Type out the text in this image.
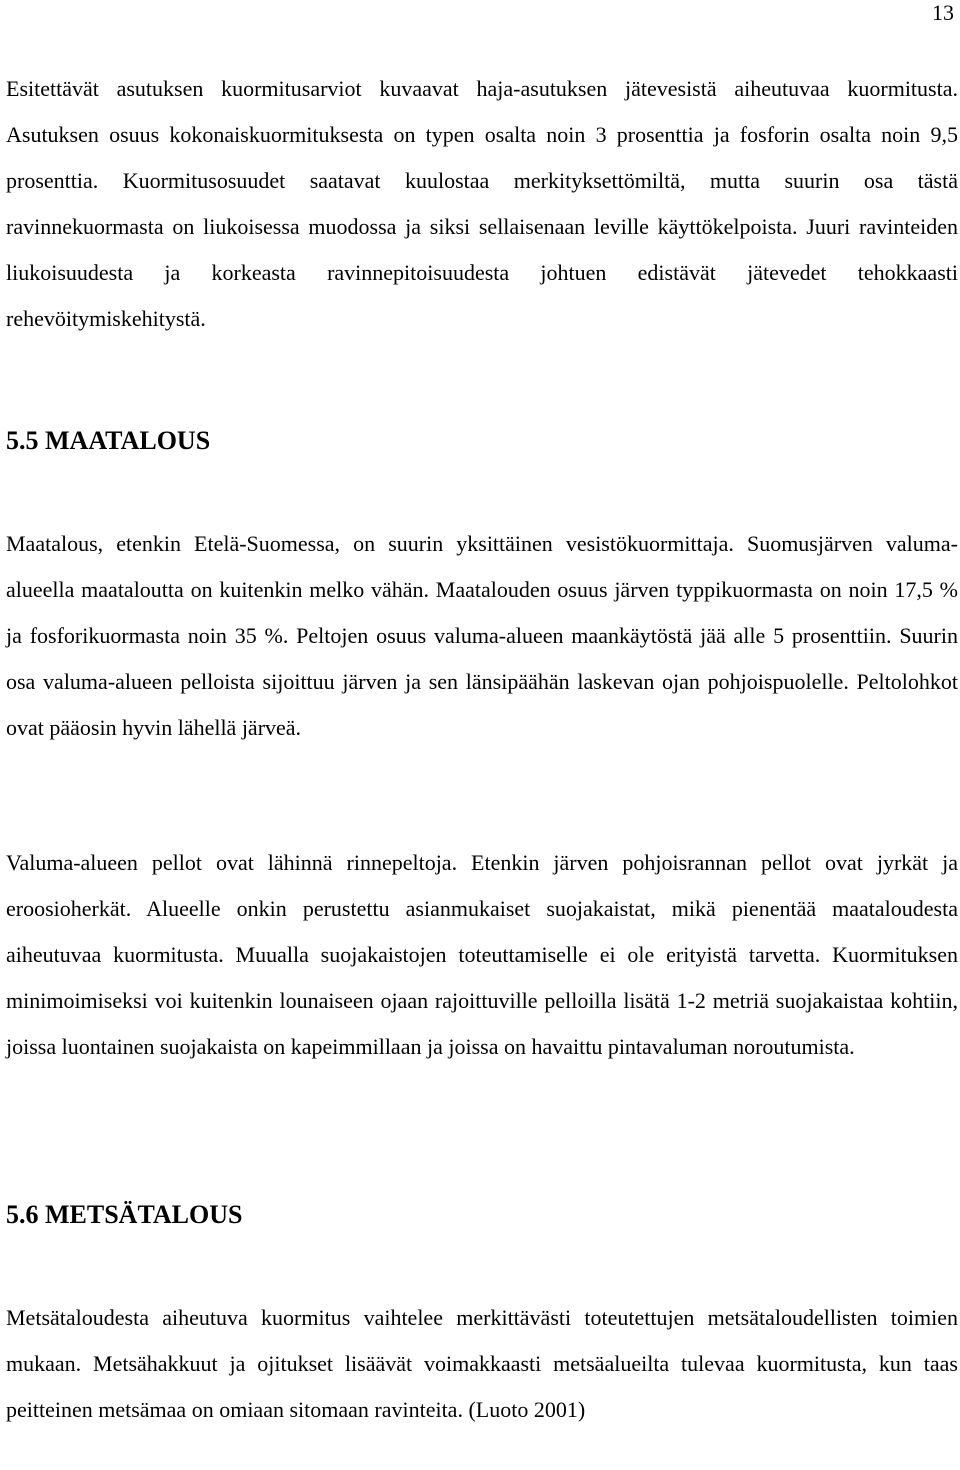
13

Esitettävät asutuksen kuormitusarviot kuvaavat haja-asutuksen jätevesistä aiheutuvaa kuormitusta. Asutuksen osuus kokonaiskuormituksesta on typen osalta noin 3 prosenttia ja fosforin osalta noin 9,5 prosenttia. Kuormitusosuudet saatavat kuulostaa merkityksettömiltä, mutta suurin osa tästä ravinnekuormasta on liukoisessa muodossa ja siksi sellaisenaan leville käyttökelpoista. Juuri ravinteiden liukoisuudesta ja korkeasta ravinnepitoisuudesta johtuen edistävät jätevedet tehokkaasti rehevöitymiskehitystä.

5.5 MAATALOUS

Maatalous, etenkin Etelä-Suomessa, on suurin yksittäinen vesistökuormittaja. Suomusjärven valuma-alueella maataloutta on kuitenkin melko vähän. Maatalouden osuus järven typpikuormasta on noin 17,5 % ja fosforikuormasta noin 35 %. Peltojen osuus valuma-alueen maankäytöstä jää alle 5 prosenttiin. Suurin osa valuma-alueen pelloista sijoittuu järven ja sen länsipäähän laskevan ojan pohjoispuolelle. Peltolohkot ovat pääosin hyvin lähellä järveä.

Valuma-alueen pellot ovat lähinnä rinnepeltoja. Etenkin järven pohjoisrannan pellot ovat jyrkät ja eroosioherkät. Alueelle onkin perustettu asianmukaiset suojakaistat, mikä pienentää maataloudesta aiheutuvaa kuormitusta. Muualla suojakaistojen toteuttamiselle ei ole erityistä tarvetta. Kuormituksen minimoimiseksi voi kuitenkin lounaiseen ojaan rajoittuville pelloilla lisätä 1-2 metriä suojakaistaa kohtiin, joissa luontainen suojakaista on kapeimmillaan ja joissa on havaittu pintavaluman noroutumista.

5.6 METSÄTALOUS

Metsätaloudesta aiheutuva kuormitus vaihtelee merkittävästi toteutettujen metsätaloudellisten toimien mukaan. Metsähakkuut ja ojitukset lisäävät voimakkaasti metsäalueilta tulevaa kuormitusta, kun taas peitteinen metsämaa on omiaan sitomaan ravinteita. (Luoto 2001)
